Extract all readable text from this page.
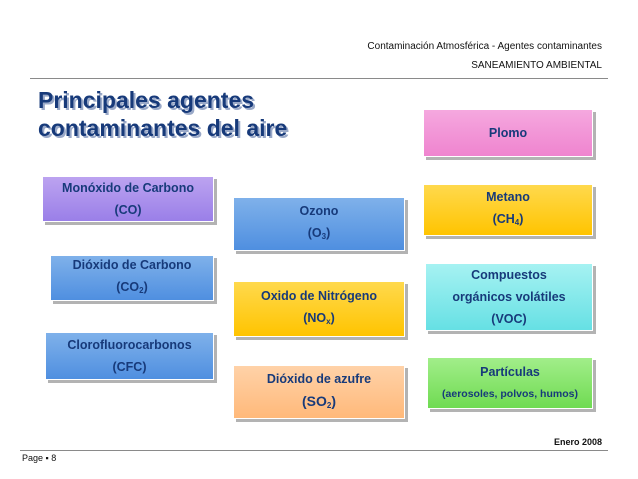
Contaminación Atmosférica - Agentes contaminantes
SANEAMIENTO AMBIENTAL
Principales agentes
contaminantes del aire
Monóxido de Carbono
(CO)
Dióxido de Carbono
$(CO_2)$
Clorofluorocarbonos
(CFC)
Ozono
$(O_3)$
Oxido de Nitrógeno
$(NO_x)$
Dióxido de azufre
$(SO_2)$
Plomo
Metano
$(CH_4)$
Compuestos
orgánicos volátiles
(VOC)
Partículas
(aerosoles, polvos, humos)
Enero 2008
Page ▪ 8
